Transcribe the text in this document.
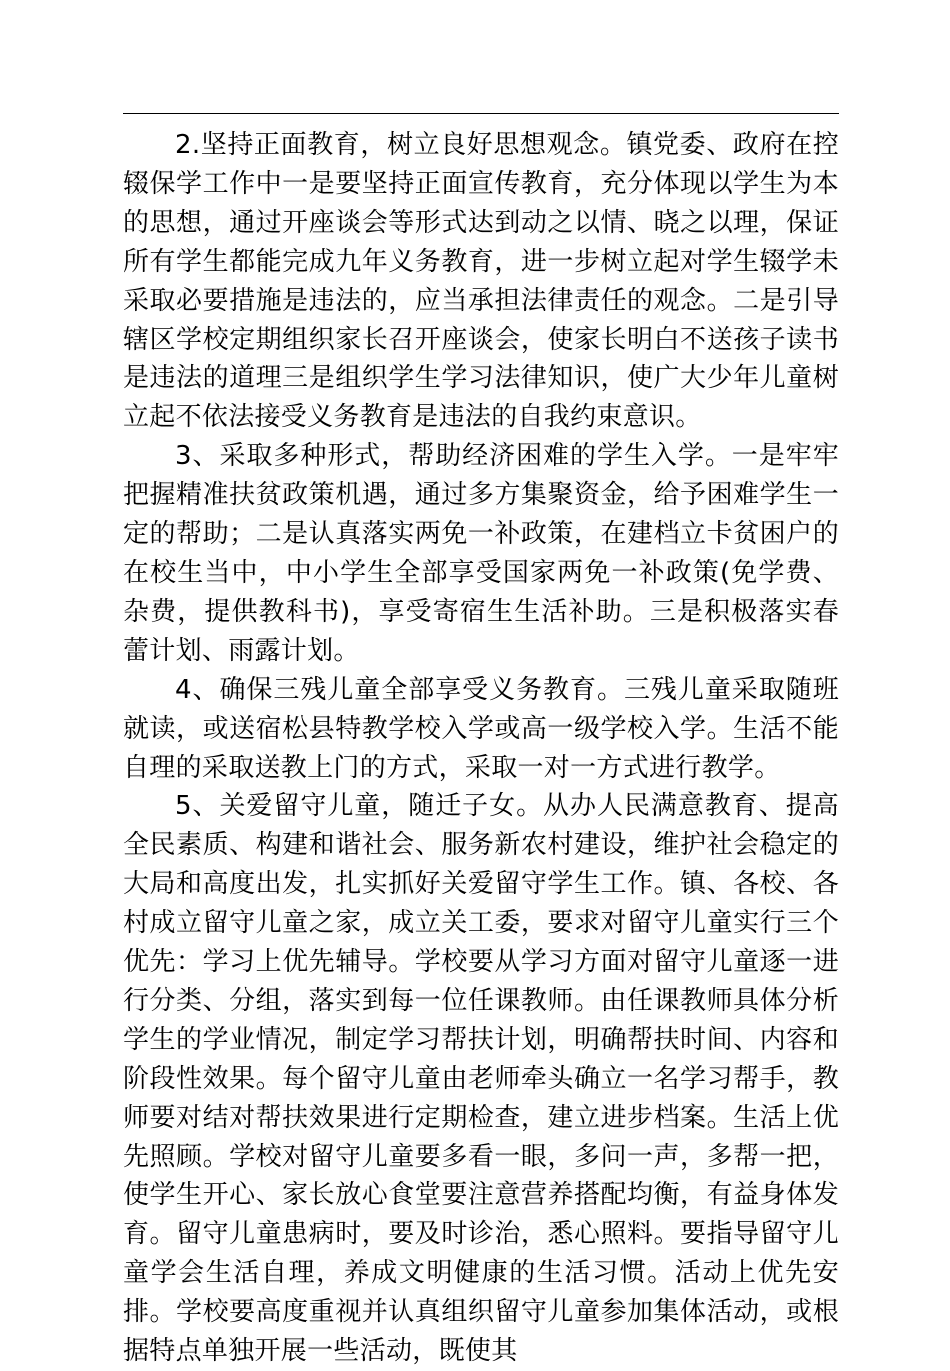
2.坚持正面教育，树立良好思想观念。镇党委、政府在控辍保学工作中一是要坚持正面宣传教育，充分体现以学生为本的思想，通过开座谈会等形式达到动之以情、晓之以理，保证所有学生都能完成九年义务教育，进一步树立起对学生辍学未采取必要措施是违法的，应当承担法律责任的观念。二是引导辖区学校定期组织家长召开座谈会，使家长明白不送孩子读书是违法的道理三是组织学生学习法律知识，使广大少年儿童树立起不依法接受义务教育是违法的自我约束意识。

3、采取多种形式，帮助经济困难的学生入学。一是牢牢把握精准扶贫政策机遇，通过多方集聚资金，给予困难学生一定的帮助；二是认真落实两免一补政策，在建档立卡贫困户的在校生当中，中小学生全部享受国家两免一补政策(免学费、杂费，提供教科书)，享受寄宿生生活补助。三是积极落实春蕾计划、雨露计划。

4、确保三残儿童全部享受义务教育。三残儿童采取随班就读，或送宿松县特教学校入学或高一级学校入学。生活不能自理的采取送教上门的方式，采取一对一方式进行教学。

5、关爱留守儿童，随迁子女。从办人民满意教育、提高全民素质、构建和谐社会、服务新农村建设，维护社会稳定的大局和高度出发，扎实抓好关爱留守学生工作。镇、各校、各村成立留守儿童之家，成立关工委，要求对留守儿童实行三个优先：学习上优先辅导。学校要从学习方面对留守儿童逐一进行分类、分组，落实到每一位任课教师。由任课教师具体分析学生的学业情况，制定学习帮扶计划，明确帮扶时间、内容和阶段性效果。每个留守儿童由老师牵头确立一名学习帮手，教师要对结对帮扶效果进行定期检查，建立进步档案。生活上优先照顾。学校对留守儿童要多看一眼，多问一声，多帮一把，使学生开心、家长放心食堂要注意营养搭配均衡，有益身体发育。留守儿童患病时，要及时诊治，悉心照料。要指导留守儿童学会生活自理，养成文明健康的生活习惯。活动上优先安排。学校要高度重视并认真组织留守儿童参加集体活动，或根据特点单独开展一些活动，既使其
